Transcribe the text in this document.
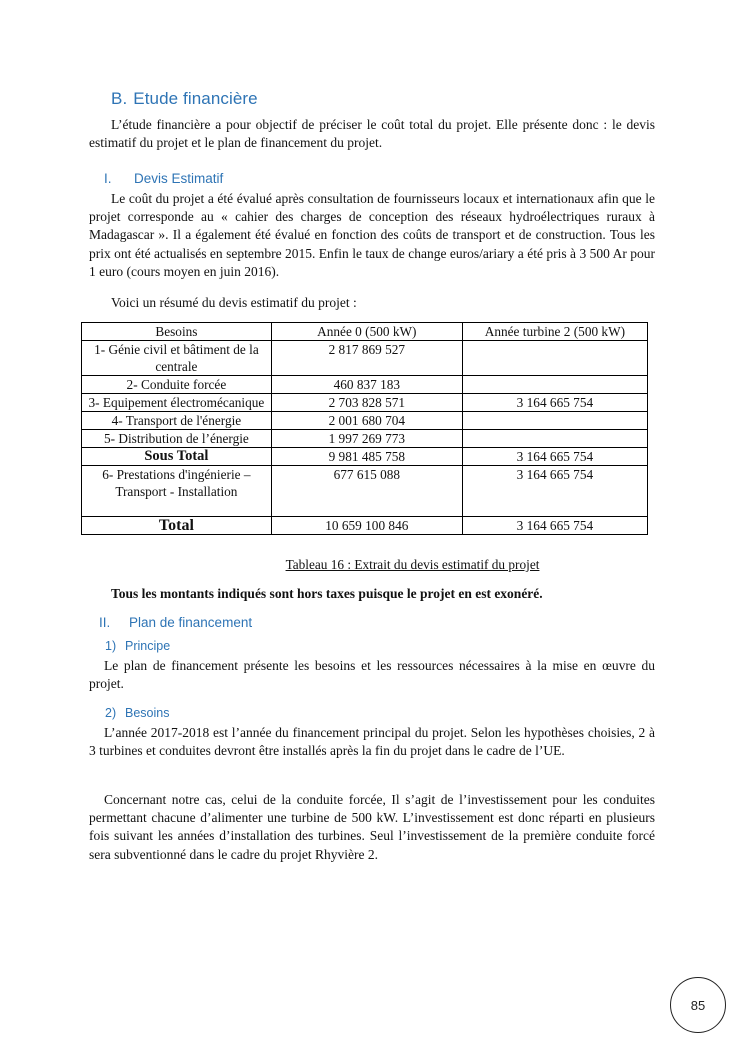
B. Etude financière
L’étude financière a pour objectif de préciser le coût total du projet. Elle présente donc : le devis estimatif du projet et le plan de financement du projet.
I. Devis Estimatif
Le coût du projet a été évalué après consultation de fournisseurs locaux et internationaux afin que le projet corresponde au « cahier des charges de conception des réseaux hydroélectriques ruraux à Madagascar ». Il a également été évalué en fonction des coûts de transport et de construction. Tous les prix ont été actualisés en septembre 2015. Enfin le taux de change euros/ariary a été pris à 3 500 Ar pour 1 euro (cours moyen en juin 2016).
Voici un résumé du devis estimatif du projet :
Besoins	Année 0 (500 kW)	Année turbine 2 (500 kW)
1- Génie civil et bâtiment de la centrale	2 817 869 527	
2- Conduite forcée	460 837 183	
3- Equipement électromécanique	2 703 828 571	3 164 665 754
4- Transport de l'énergie	2 001 680 704	
5- Distribution de l’énergie	1 997 269 773	
Sous Total	9 981 485 758	3 164 665 754
6- Prestations d'ingénierie – Transport - Installation	677 615 088	3 164 665 754
Total	10 659 100 846	3 164 665 754
Tableau 16 : Extrait du devis estimatif du projet
Tous les montants indiqués sont hors taxes puisque le projet en est exonéré.
II. Plan de financement
1) Principe
Le plan de financement présente les besoins et les ressources nécessaires à la mise en œuvre du projet.
2) Besoins
L’année 2017-2018 est l’année du financement principal du projet. Selon les hypothèses choisies, 2 à 3 turbines et conduites devront être installés après la fin du projet dans le cadre de l’UE.
Concernant notre cas, celui de la conduite forcée, Il s’agit de l’investissement pour les conduites permettant chacune d’alimenter une turbine de 500 kW. L’investissement est donc réparti en plusieurs fois suivant les années d’installation des turbines. Seul l’investissement de la première conduite forcé sera subventionné dans le cadre du projet Rhyvière 2.
85
